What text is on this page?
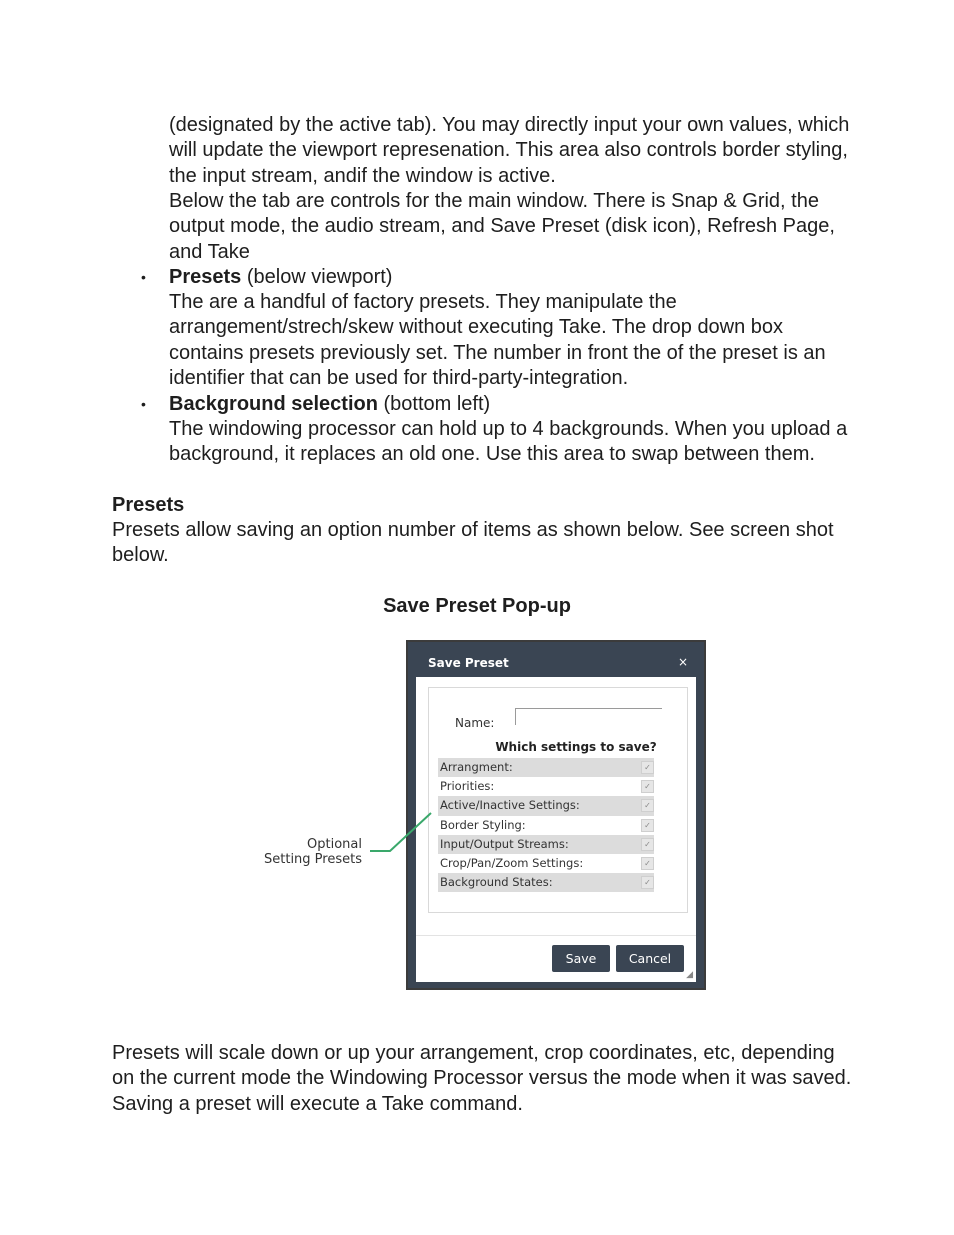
(designated by the active tab). You may directly input your own values, which will update the viewport represenation. This area also controls border styling, the input stream, andif the window is active.

Below the tab are controls for the main window. There is Snap & Grid, the output mode, the audio stream, and Save Preset (disk icon), Refresh Page, and Take

• Presets (below viewport)

The are a handful of factory presets. They manipulate the arrangement/strech/skew without executing Take. The drop down box contains presets previously set. The number in front the of the preset is an identifier that can be used for third-party-integration.

• Background selection (bottom left)

The windowing processor can hold up to 4 backgrounds. When you upload a background, it replaces an old one. Use this area to swap between them.

Presets

Presets allow saving an option number of items as shown below. See screen shot below.

Save Preset Pop-up
Save Preset	×
Name:
Which settings to save?
Arrangment:	✓
Priorities:	✓
Active/Inactive Settings:	✓
Border Styling:	✓
Input/Output Streams:	✓
Crop/Pan/Zoom Settings:	✓
Background States:	✓
Save	Cancel
◢
Optional
Setting Presets

Presets will scale down or up your arrangement, crop coordinates, etc, depending on the current mode the Windowing Processor versus the mode when it was saved. Saving a preset will execute a Take command.
